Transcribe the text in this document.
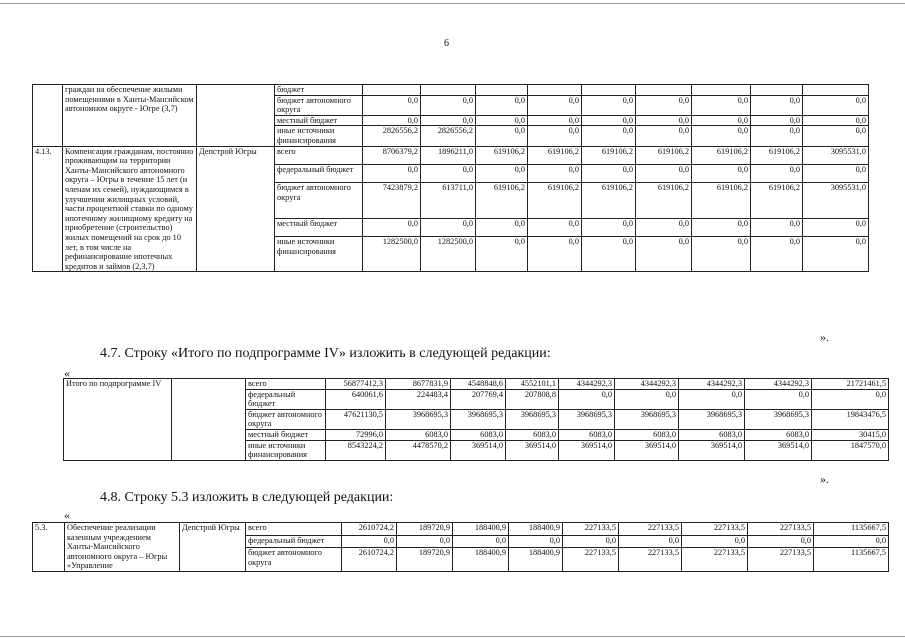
6
	граждан на обеспечение жилыми помещениями в Ханты-Мансийском автономном округе - Югре (3,7)		бюджет									
			бюджет автономного округа	0,0	0,0	0,0	0,0	0,0	0,0	0,0	0,0	0,0
			местный бюджет	0,0	0,0	0,0	0,0	0,0	0,0	0,0	0,0	0,0
			иные источники финансирования	2826556,2	2826556,2	0,0	0,0	0,0	0,0	0,0	0,0	0,0
4.13.	Компенсация гражданам, постоянно проживающим на территории Ханты-Мансийского автономного округа – Югры в течение 15 лет (и членам их семей), нуждающимся в улучшении жилищных условий, части процентной ставки по одному ипотечному жилищному кредиту на приобретение (строительство) жилых помещений на срок до 10 лет, в том числе на рефинансирование ипотечных кредитов и займов (2,3,7)	Депстрой Югры	всего	8706379,2	1896211,0	619106,2	619106,2	619106,2	619106,2	619106,2	619106,2	3095531,0
			федеральный бюджет	0,0	0,0	0,0	0,0	0,0	0,0	0,0	0,0	0,0
			бюджет автономного округа	7423879,2	613711,0	619106,2	619106,2	619106,2	619106,2	619106,2	619106,2	3095531,0
			местный бюджет	0,0	0,0	0,0	0,0	0,0	0,0	0,0	0,0	0,0
			иные источники финансирования	1282500,0	1282500,0	0,0	0,0	0,0	0,0	0,0	0,0	0,0
».
4.7. Строку «Итого по подпрограмме IV» изложить в следующей редакции:
«
Итого по подпрограмме IV		всего	56877412,3	8677831,9	4548848,6	4552101,1	4344292,3	4344292,3	4344292,3	4344292,3	21721461,5
		федеральный бюджет	640061,6	224483,4	207769,4	207808,8	0,0	0,0	0,0	0,0	0,0
		бюджет автономного округа	47621130,5	3968695,3	3968695,3	3968695,3	3968695,3	3968695,3	3968695,3	3968695,3	19843476,5
		местный бюджет	72996,0	6083,0	6083,0	6083,0	6083,0	6083,0	6083,0	6083,0	30415,0
		иные источники финансирования	8543224,2	4478570,2	369514,0	369514,0	369514,0	369514,0	369514,0	369514,0	1847570,0
».
4.8. Строку 5.3 изложить в следующей редакции:
«
5.3.	Обеспечение реализации казенным учреждением Ханты-Мансийского автономного округа – Югры «Управление	Депстрой Югры	всего	2610724,2	189720,9	188400,9	188400,9	227133,5	227133,5	227133,5	227133,5	1135667,5
			федеральный бюджет	0,0	0,0	0,0	0,0	0,0	0,0	0,0	0,0	0,0
			бюджет автономного округа	2610724,2	189720,9	188400,9	188400,9	227133,5	227133,5	227133,5	227133,5	1135667,5
